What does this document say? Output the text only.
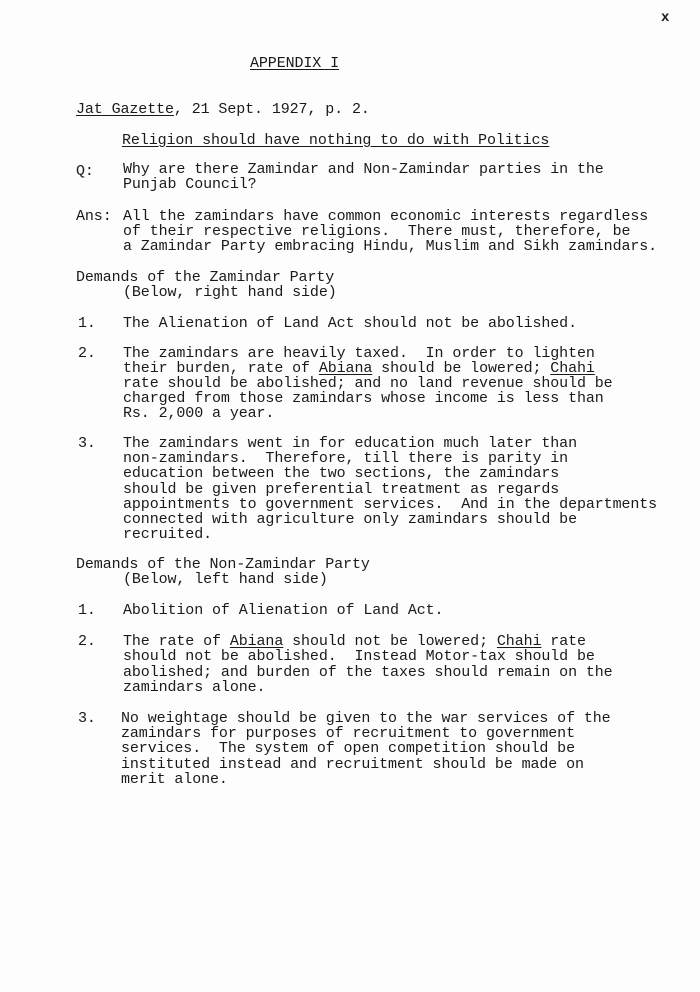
x
APPENDIX I
Jat Gazette, 21 Sept. 1927, p. 2.
Religion should have nothing to do with Politics
Q: Why are there Zamindar and Non-Zamindar parties in the
Punjab Council?
Ans: All the zamindars have common economic interests regardless
of their respective religions.  There must, therefore, be
a Zamindar Party embracing Hindu, Muslim and Sikh zamindars.
Demands of the Zamindar Party
(Below, right hand side)
1. The Alienation of Land Act should not be abolished.
2. The zamindars are heavily taxed.  In order to lighten
their burden, rate of Abiana should be lowered; Chahi
rate should be abolished; and no land revenue should be
charged from those zamindars whose income is less than
Rs. 2,000 a year.
3. The zamindars went in for education much later than
non-zamindars.  Therefore, till there is parity in
education between the two sections, the zamindars
should be given preferential treatment as regards
appointments to government services.  And in the departments
connected with agriculture only zamindars should be
recruited.
Demands of the Non-Zamindar Party
(Below, left hand side)
1. Abolition of Alienation of Land Act.
2. The rate of Abiana should not be lowered; Chahi rate
should not be abolished.  Instead Motor-tax should be
abolished; and burden of the taxes should remain on the
zamindars alone.
3. No weightage should be given to the war services of the
zamindars for purposes of recruitment to government
services.  The system of open competition should be
instituted instead and recruitment should be made on
merit alone.
